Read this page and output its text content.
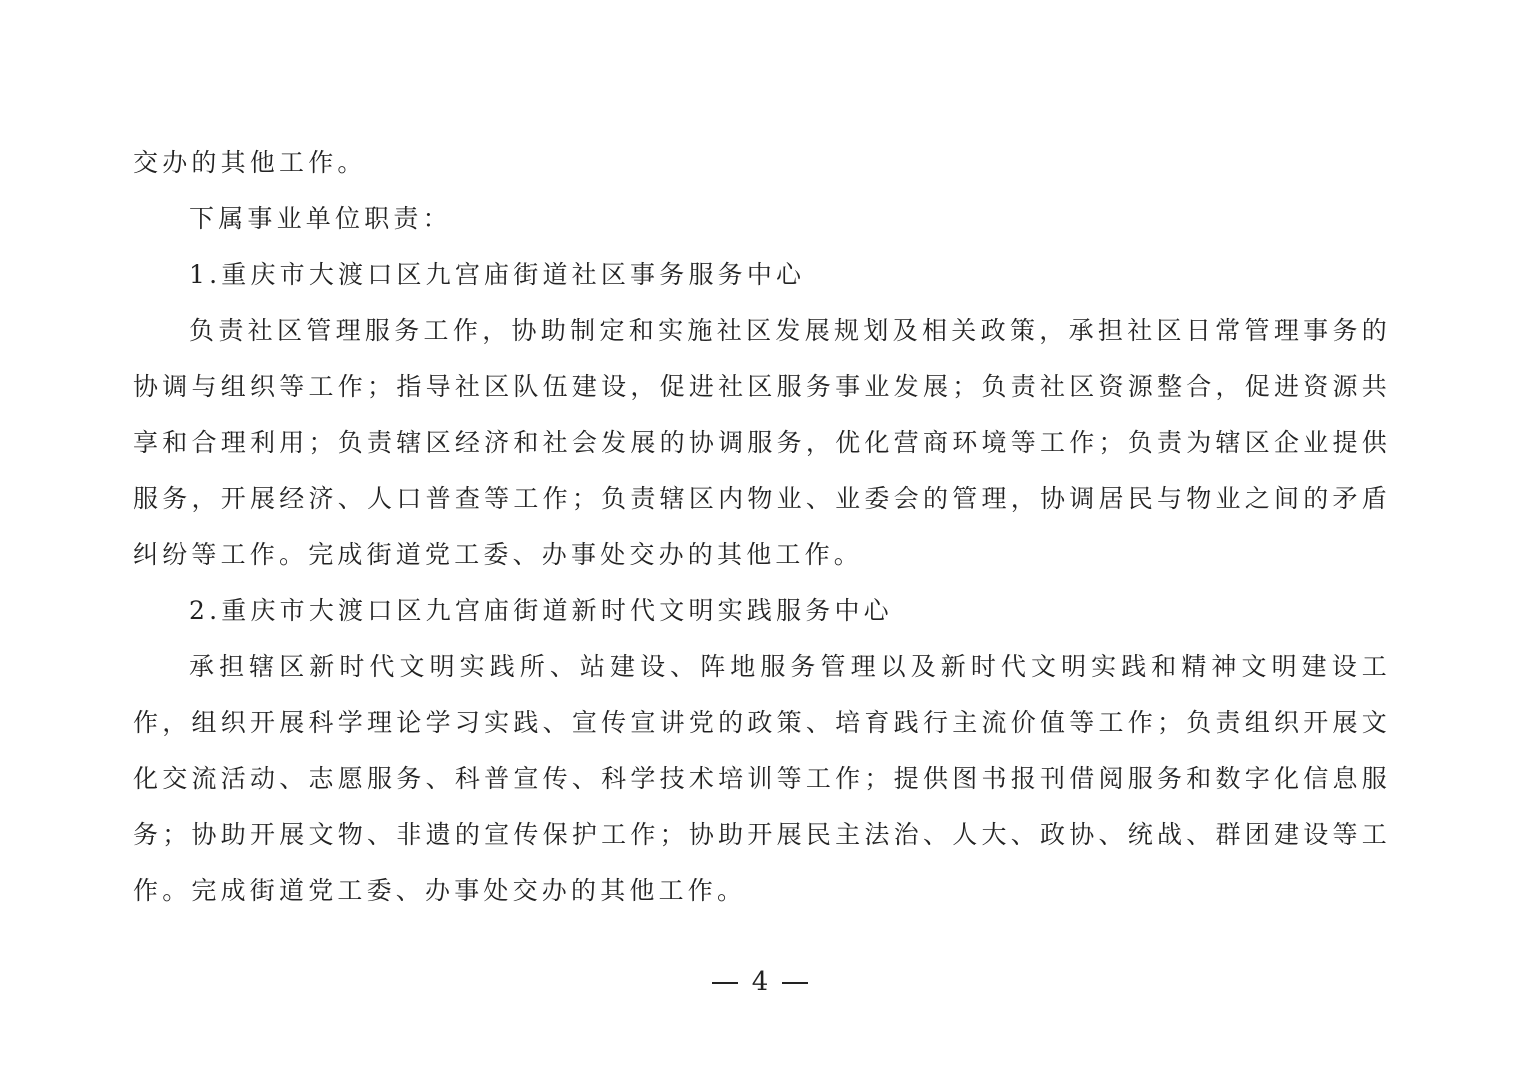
交办的其他工作。

下属事业单位职责：

1.重庆市大渡口区九宫庙街道社区事务服务中心

负责社区管理服务工作，协助制定和实施社区发展规划及相关政策，承担社区日常管理事务的协调与组织等工作；指导社区队伍建设，促进社区服务事业发展；负责社区资源整合，促进资源共享和合理利用；负责辖区经济和社会发展的协调服务，优化营商环境等工作；负责为辖区企业提供服务，开展经济、人口普查等工作；负责辖区内物业、业委会的管理，协调居民与物业之间的矛盾纠纷等工作。完成街道党工委、办事处交办的其他工作。

2.重庆市大渡口区九宫庙街道新时代文明实践服务中心

承担辖区新时代文明实践所、站建设、阵地服务管理以及新时代文明实践和精神文明建设工作，组织开展科学理论学习实践、宣传宣讲党的政策、培育践行主流价值等工作；负责组织开展文化交流活动、志愿服务、科普宣传、科学技术培训等工作；提供图书报刊借阅服务和数字化信息服务；协助开展文物、非遗的宣传保护工作；协助开展民主法治、人大、政协、统战、群团建设等工作。完成街道党工委、办事处交办的其他工作。

4
